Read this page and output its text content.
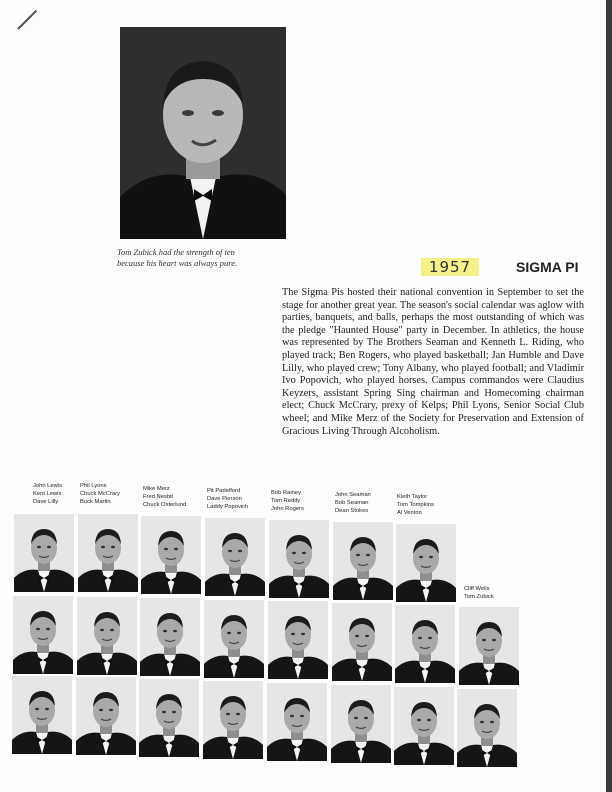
Tom Zubick had the strength of ten
because his heart was always pure.	1957	SIGMA PI
The Sigma Pis hosted their national convention in September to set the stage for another great year. The season's social calendar was aglow with parties, banquets, and balls, perhaps the most outstanding of which was the pledge "Haunted House" party in December. In athletics, the house was represented by The Brothers Seaman and Kenneth L. Riding, who played track; Ben Rogers, who played basketball; Jan Humble and Dave Lilly, who played crew; Tony Albany, who played football; and Vladimir Ivo Popovich, who played horses. Campus commandos were Claudius Keyzers, assistant Spring Sing chairman and Homecoming chairman elect; Chuck McCrary, prexy of Kelps; Phil Lyons, Senior Social Club wheel; and Mike Merz of the Society for Preservation and Extension of Gracious Living Through Alcoholism.
John Lewis
Kent Lewis
Dave Lilly
Phil Lyons
Chuck McCrary
Buck Martin
Mike Merz
Fred Nesbit
Chuck Osterlund
Pit Padelford
Dave Pierson
Laddy Popovich
Bob Rainey
Tom Reddy
John Rogers
John Seaman
Bob Seaman
Dean Stokes
Kieth Taylor
Tom Tompkins
Al Venton
Cliff Wells
Tom Zubick
